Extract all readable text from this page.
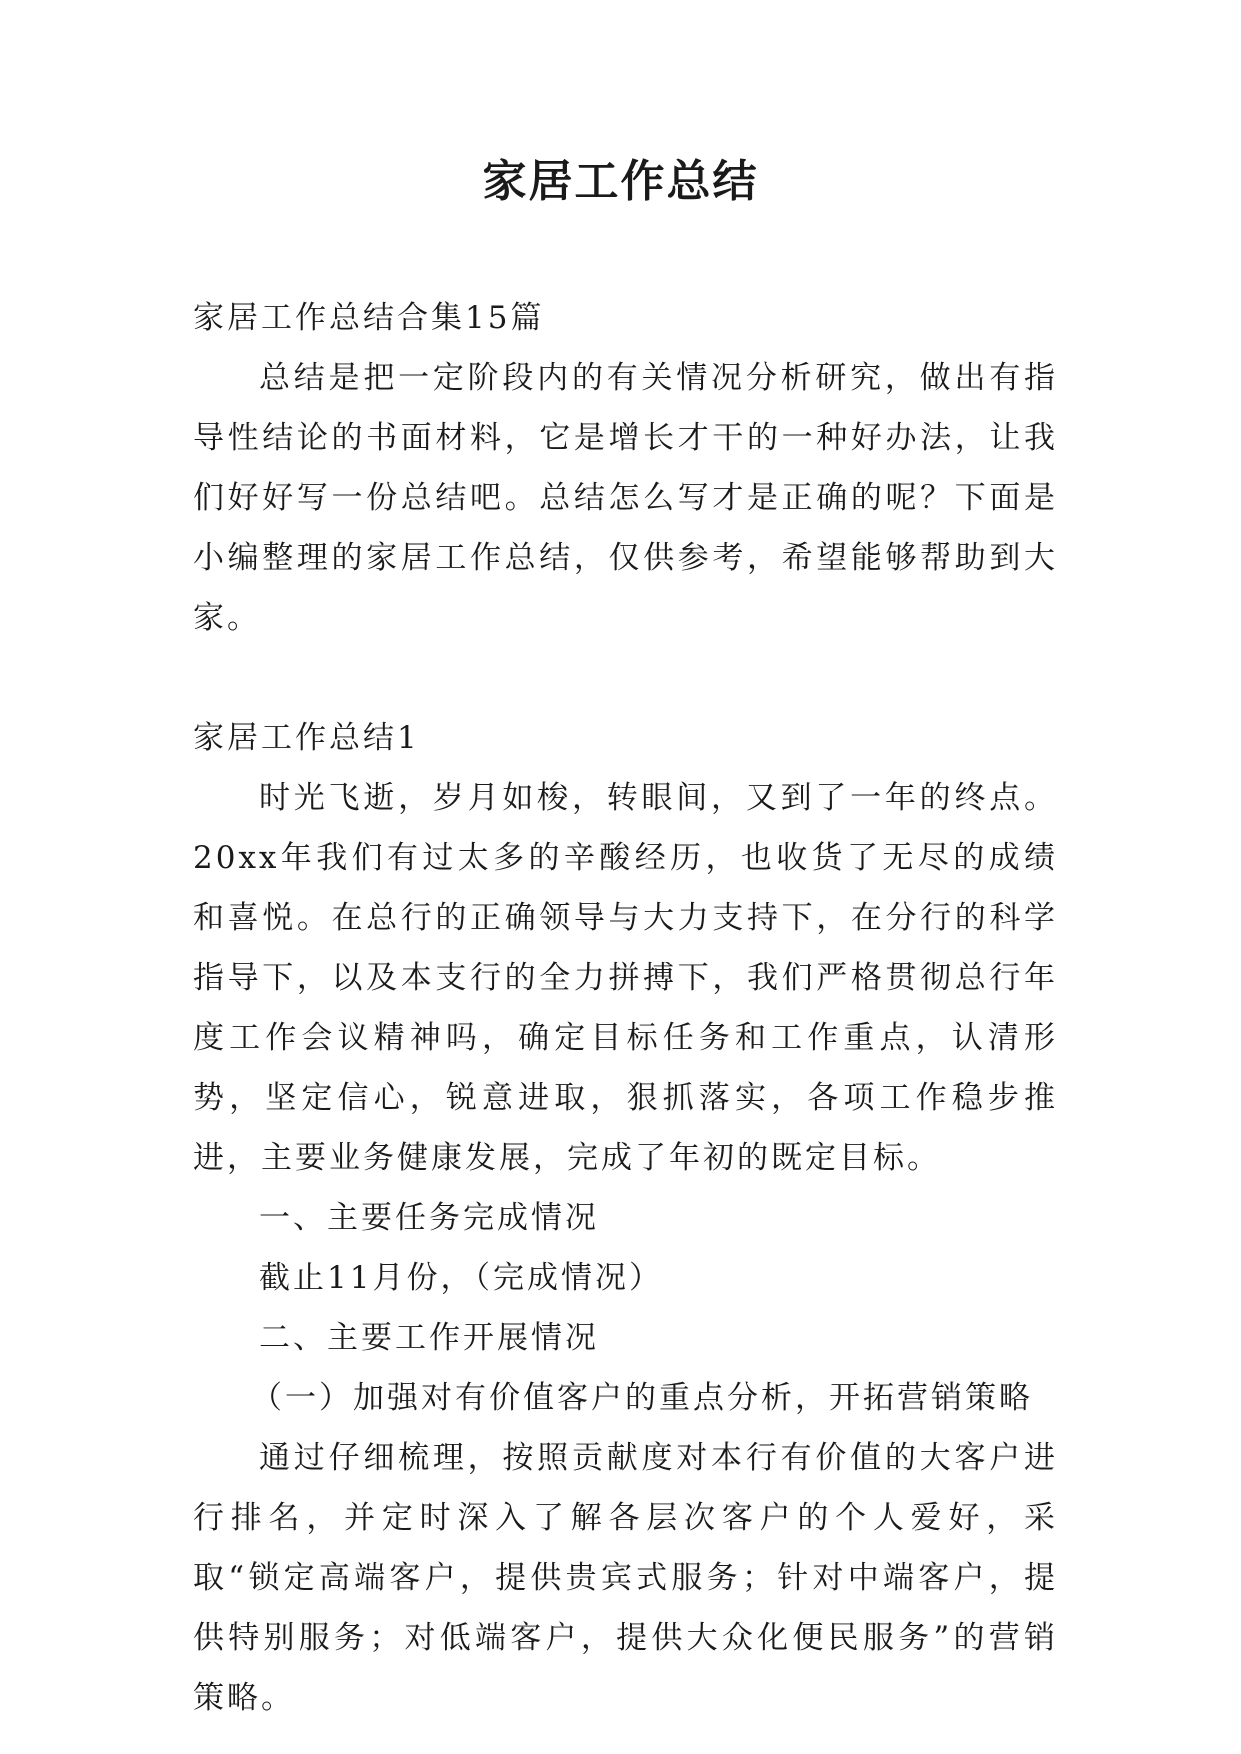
家居工作总结

家居工作总结合集15篇

总结是把一定阶段内的有关情况分析研究，做出有指导性结论的书面材料，它是增长才干的一种好办法，让我们好好写一份总结吧。总结怎么写才是正确的呢？下面是小编整理的家居工作总结，仅供参考，希望能够帮助到大家。

家居工作总结1

时光飞逝，岁月如梭，转眼间，又到了一年的终点。20xx年我们有过太多的辛酸经历，也收货了无尽的成绩和喜悦。在总行的正确领导与大力支持下，在分行的科学指导下，以及本支行的全力拼搏下，我们严格贯彻总行年度工作会议精神吗，确定目标任务和工作重点，认清形势，坚定信心，锐意进取，狠抓落实，各项工作稳步推进，主要业务健康发展，完成了年初的既定目标。

一、主要任务完成情况

截止11月份，（完成情况）

二、主要工作开展情况

（一）加强对有价值客户的重点分析，开拓营销策略

通过仔细梳理，按照贡献度对本行有价值的大客户进行排名，并定时深入了解各层次客户的个人爱好，采取“锁定高端客户，提供贵宾式服务；针对中端客户，提供特别服务；对低端客户，提供大众化便民服务”的营销策略。
